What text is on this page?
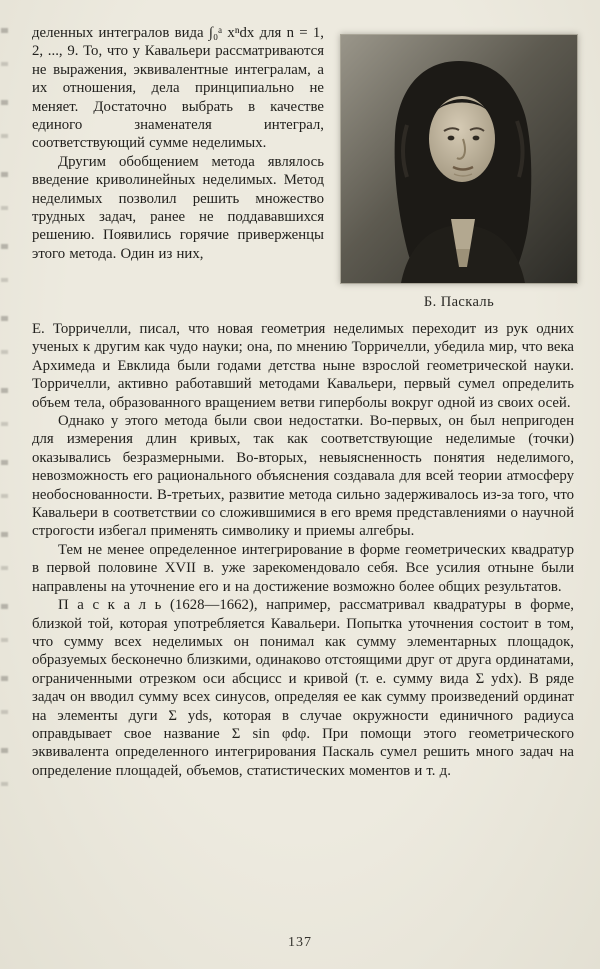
деленных интегралов вида ∫₀ᵃ xⁿdx для n = 1, 2, ..., 9. То, что у Кавальери рассматриваются не выражения, эквивалентные интегралам, а их отношения, дела принципиально не меняет. Достаточно выбрать в качестве единого знаменателя интеграл, соответствующий сумме неделимых.

Другим обобщением метода являлось введение криволинейных неделимых. Метод неделимых позволил решить множество трудных задач, ранее не поддававшихся решению. Появились горячие приверженцы этого метода. Один из них,

Б. Паскаль

Е. Торричелли, писал, что новая геометрия неделимых переходит из рук одних ученых к другим как чудо науки; она, по мнению Торричелли, убедила мир, что века Архимеда и Евклида были годами детства ныне взрослой геометрической науки. Торричелли, активно работавший методами Кавальери, первый сумел определить объем тела, образованного вращением ветви гиперболы вокруг одной из своих осей.

Однако у этого метода были свои недостатки. Во-первых, он был непригоден для измерения длин кривых, так как соответствующие неделимые (точки) оказывались безразмерными. Во-вторых, невыясненность понятия неделимого, невозможность его рационального объяснения создавала для всей теории атмосферу необоснованности. В-третьих, развитие метода сильно задерживалось из-за того, что Кавальери в соответствии со сложившимися в его время представлениями о научной строгости избегал применять символику и приемы алгебры.

Тем не менее определенное интегрирование в форме геометрических квадратур в первой половине XVII в. уже зарекомендовало себя. Все усилия отныне были направлены на уточнение его и на достижение возможно более общих результатов.

П а с к а л ь (1628—1662), например, рассматривал квадратуры в форме, близкой той, которая употребляется Кавальери. Попытка уточнения состоит в том, что сумму всех неделимых он понимал как сумму элементарных площадок, образуемых бесконечно близкими, одинаково отстоящими друг от друга ординатами, ограниченными отрезком оси абсцисс и кривой (т. е. сумму вида Σ ydx). В ряде задач он вводил сумму всех синусов, определяя ее как сумму произведений ординат на элементы дуги Σ yds, которая в случае окружности единичного радиуса оправдывает свое название Σ sin φdφ. При помощи этого геометрического эквивалента определенного интегрирования Паскаль сумел решить много задач на определение площадей, объемов, статистических моментов и т. д.

137
